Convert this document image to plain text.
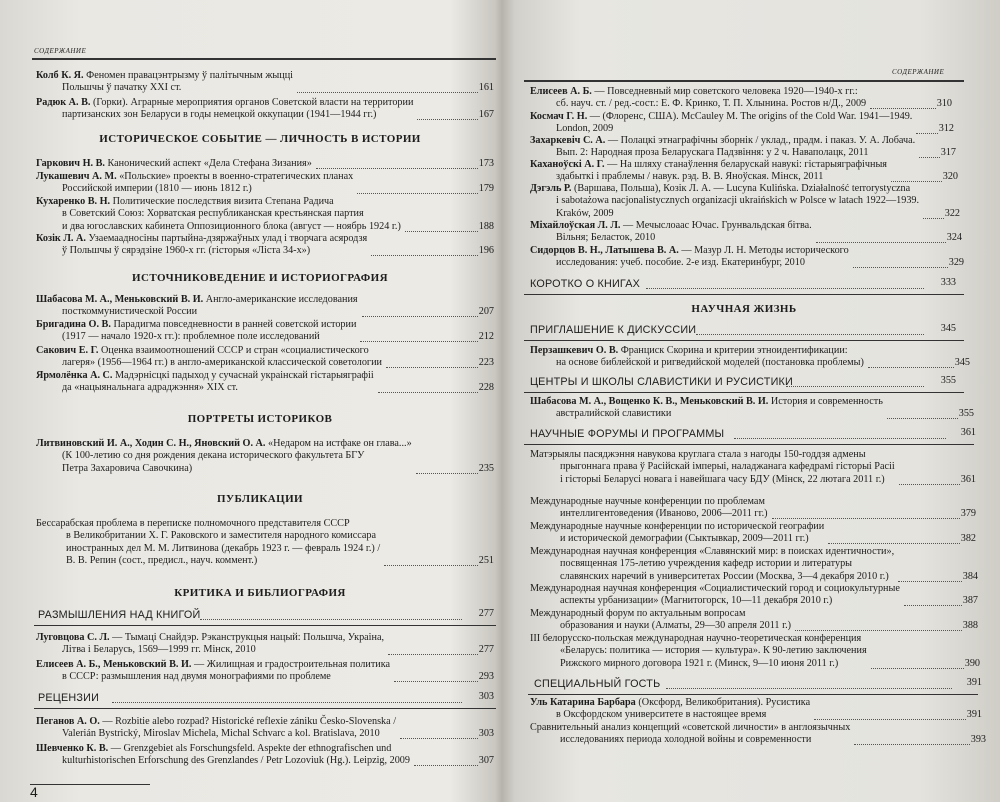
СОДЕРЖАНИЕ
Колб К. Я. Феномен правацэнтрызму ў палітычным жыцці
Польшчы ў пачатку XXI ст.	161
Радюк А. В. (Горки). Аграрные мероприятия органов Советской власти на территории
партизанских зон Беларуси в годы немецкой оккупации (1941—1944 гг.)	167
Гаркович Н. В. Канонический аспект «Дела Стефана Зизания»	173
Лукашевич А. М. «Польские» проекты в военно-стратегических планах
Российской империи (1810 — июнь 1812 г.)	179
Кухаренко В. Н. Политические последствия визита Степана Радича
в Советский Союз: Хорватская республиканская крестьянская партия
и два югославских кабинета Оппозиционного блока (август — ноябрь 1924 г.)	188
Козік Л. А. Узаемаадносіны партыйна-дзяржаўных улад і творчага асяродзя
ў Польшчы ў сярэдзіне 1960-х гг. (гісторыя «Ліста 34-х»)	196
Шабасова М. А., Меньковский В. И. Англо-американские исследования
посткоммунистической России	207
Бригадина О. В. Парадигма повседневности в ранней советской истории
(1917 — начало 1920-х гг.): проблемное поле исследований	212
Сакович Е. Г. Оценка взаимоотношений СССР и стран «социалистического
лагеря» (1956—1964 гг.) в англо-американской классической советологии	223
Ярмолёнка А. С. Мадэрнісцкі падыход у сучаснай украінскай гістарыяграфіі
да «нацыянальнага адраджэння» XIX ст.	228
Литвиновский И. А., Ходин С. Н., Яновский О. А. «Недаром на истфаке он глава...»
(К 100-летию со дня рождения декана исторического факультета БГУ
Петра Захаровича Савочкина)	235
Бессарабская проблема в переписке полномочного представителя СССР
в Великобритании Х. Г. Раковского и заместителя народного комиссара
иностранных дел М. М. Литвинова (декабрь 1923 г. — февраль 1924 г.) /
В. В. Репин (сост., предисл., науч. коммент.)	251
Луговцова С. Л. — Тымаці Снайдэр. Рэканструкцыя нацый: Польшча, Украіна,
Літва і Беларусь, 1569—1999 гг. Мінск, 2010	277
Елисеев А. Б., Меньковский В. И. — Жилищная и градостроительная политика
в СССР: размышления над двумя монографиями по проблеме	293
Пеганов А. О. — Rozbitie alebo rozpad? Historické reflexie zániku Česko-Slovenska /
Valerián Bystrický, Miroslav Michela, Michal Schvarc a kol. Bratislava, 2010	303
Шевченко К. В. — Grenzgebiet als Forschungsfeld. Aspekte der ethnografischen und
kulturhistorischen Erforschung des Grenzlandes / Petr Lozoviuk (Hg.). Leipzig, 2009	307
ИСТОРИЧЕСКОЕ СОБЫТИЕ — ЛИЧНОСТЬ В ИСТОРИИ
ИСТОЧНИКОВЕДЕНИЕ И ИСТОРИОГРАФИЯ
ПОРТРЕТЫ ИСТОРИКОВ
ПУБЛИКАЦИИ
КРИТИКА И БИБЛИОГРАФИЯ
РАЗМЫШЛЕНИЯ НАД КНИГОЙ	277
РЕЦЕНЗИИ	303
4
СОДЕРЖАНИЕ
Елисеев А. Б. — Повседневный мир советского человека 1920—1940-х гг.:
сб. науч. ст. / ред.-сост.: Е. Ф. Кринко, Т. П. Хлынина. Ростов н/Д., 2009	310
Космач Г. Н. — (Флоренс, США). McCauley M. The origins of the Cold War. 1941—1949.
London, 2009	312
Захаркевіч С. А. — Полацкі этнаграфічны зборнік / уклад., прадм. і паказ. У. А. Лобача.
Вып. 2: Народная проза Беларускага Падзвіння: у 2 ч. Наваполацк, 2011	317
Каханоўскі А. Г. — На шляху станаўлення беларускай навукі: гістарыяграфічныя
здабыткі і праблемы / навук. рэд. В. В. Яноўская. Мінск, 2011	320
Дэгэль Р. (Варшава, Польша), Козік Л. А. — Lucyna Kulińska. Działalność terrorystyczna
i sabotażowa nacjonalistycznych organizacji ukraińskich w Polsce w latach 1922—1939.
Kraków, 2009	322
Міхайлоўская Л. Л. — Мечыслоаас Ючас. Грунвальдская бітва.
Вільня; Беласток, 2010	324
Сидорцов В. Н., Латышева В. А. — Мазур Л. Н. Методы исторического
исследования: учеб. пособие. 2-е изд. Екатеринбург, 2010	329
Перзашкевич О. В. Франциск Скорина и критерии этноидентификации:
на основе библейской и ригведийской моделей (постановка проблемы)	345
Шабасова М. А., Вощенко К. В., Меньковский В. И. История и современность
австралийской славистики	355
Матэрыялы пасяджэння навукова круглага стала з нагоды 150-годдзя адмены
прыгоннага права ў Расійскай імперыі, наладжанага кафедрамі гісторыі Расіі
і гісторыі Беларусі новага і навейшага часу БДУ (Мінск, 22 лютага 2011 г.)	361
Международные научные конференции по проблемам
интеллигентоведения (Иваново, 2006—2011 гг.)	379
Международные научные конференции по исторической географии
и исторической демографии (Сыктывкар, 2009—2011 гг.)	382
Международная научная конференция «Славянский мир: в поисках идентичности»,
посвященная 175-летию учреждения кафедр истории и литературы
славянских наречий в университетах России (Москва, 3—4 декабря 2010 г.)	384
Международная научная конференция «Социалистический город и социокультурные
аспекты урбанизации» (Магнитогорск, 10—11 декабря 2010 г.)	387
Международный форум по актуальным вопросам
образования и науки (Алматы, 29—30 апреля 2011 г.)	388
III белорусско-польская международная научно-теоретическая конференция
«Беларусь: политика — история — культура». К 90-летию заключения
Рижского мирного договора 1921 г. (Минск, 9—10 июня 2011 г.)	390
Уль Катарина Барбара (Оксфорд, Великобритания). Русистика
в Оксфордском университете в настоящее время	391
Сравнительный анализ концепций «советской личности» в англоязычных
исследованиях периода холодной войны и современности	393
КОРОТКО О КНИГАХ	333
НАУЧНАЯ ЖИЗНЬ
ПРИГЛАШЕНИЕ К ДИСКУССИИ	345
ЦЕНТРЫ И ШКОЛЫ СЛАВИСТИКИ И РУСИСТИКИ	355
НАУЧНЫЕ ФОРУМЫ И ПРОГРАММЫ	361
СПЕЦИАЛЬНЫЙ ГОСТЬ	391
